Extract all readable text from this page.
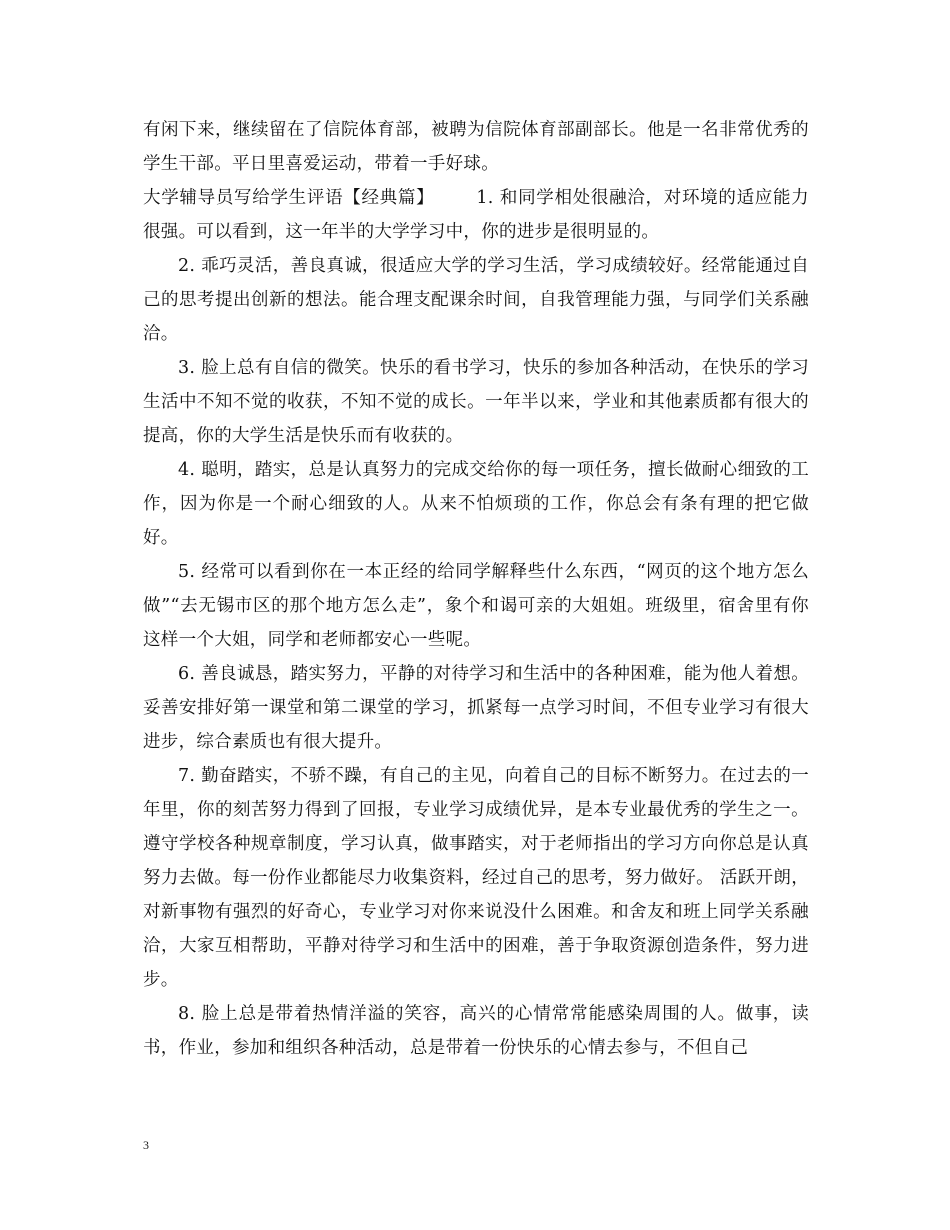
有闲下来，继续留在了信院体育部，被聘为信院体育部副部长。他是一名非常优秀的学生干部。平日里喜爱运动，带着一手好球。

大学辅导员写给学生评语【经典篇】 1. 和同学相处很融洽，对环境的适应能力很强。可以看到，这一年半的大学学习中，你的进步是很明显的。

2. 乖巧灵活，善良真诚，很适应大学的学习生活，学习成绩较好。经常能通过自己的思考提出创新的想法。能合理支配课余时间，自我管理能力强，与同学们关系融洽。

3. 脸上总有自信的微笑。快乐的看书学习，快乐的参加各种活动，在快乐的学习生活中不知不觉的收获，不知不觉的成长。一年半以来，学业和其他素质都有很大的提高，你的大学生活是快乐而有收获的。

4. 聪明，踏实，总是认真努力的完成交给你的每一项任务，擅长做耐心细致的工作，因为你是一个耐心细致的人。从来不怕烦琐的工作，你总会有条有理的把它做好。

5. 经常可以看到你在一本正经的给同学解释些什么东西，“网页的这个地方怎么做”“去无锡市区的那个地方怎么走”，象个和谒可亲的大姐姐。班级里，宿舍里有你这样一个大姐，同学和老师都安心一些呢。

6. 善良诚恳，踏实努力，平静的对待学习和生活中的各种困难，能为他人着想。妥善安排好第一课堂和第二课堂的学习，抓紧每一点学习时间，不但专业学习有很大进步，综合素质也有很大提升。

7. 勤奋踏实，不骄不躁，有自己的主见，向着自己的目标不断努力。在过去的一年里，你的刻苦努力得到了回报，专业学习成绩优异，是本专业最优秀的学生之一。 遵守学校各种规章制度，学习认真，做事踏实，对于老师指出的学习方向你总是认真努力去做。每一份作业都能尽力收集资料，经过自己的思考，努力做好。 活跃开朗，对新事物有强烈的好奇心，专业学习对你来说没什么困难。和舍友和班上同学关系融洽，大家互相帮助，平静对待学习和生活中的困难，善于争取资源创造条件，努力进步。

8. 脸上总是带着热情洋溢的笑容，高兴的心情常常能感染周围的人。做事，读书，作业，参加和组织各种活动，总是带着一份快乐的心情去参与，不但自己

3
